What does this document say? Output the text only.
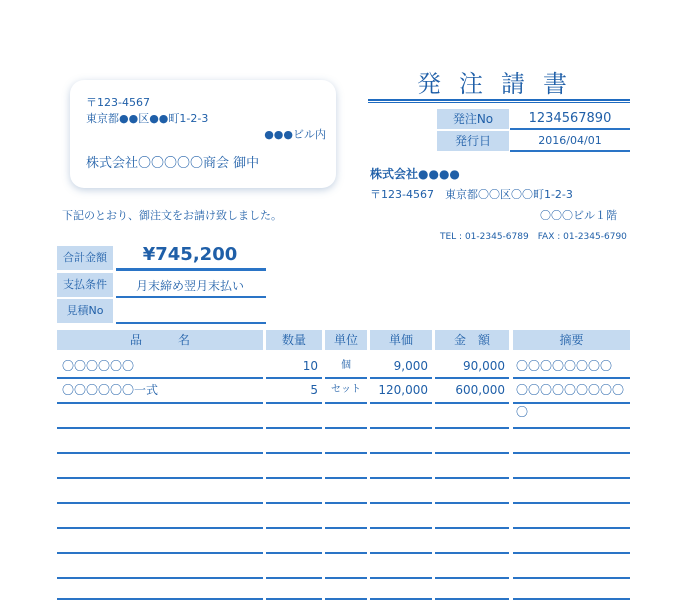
〒123-4567
東京都●●区●●町1-2-3
●●●ビル内
株式会社〇〇〇〇〇商会 御中
発注請書
発注No	1234567890
発行日	2016/04/01
株式会社●●●●
〒123-4567　東京都〇〇区〇〇町1-2-3
〇〇〇ビル１階
TEL : 01-2345-6789　FAX : 01-2345-6790
下記のとおり、御注文をお請け致しました。
合計金額	¥745,200
支払条件	月末締め翌月末払い
見積No
品　　　名	数量	単位	単価	金　額	摘要
〇〇〇〇〇〇	10	個	9,000	90,000 〇〇〇〇〇〇〇〇
〇〇〇〇〇〇一式	5	セット	120,000	600,000 〇〇〇〇〇〇〇〇〇〇
